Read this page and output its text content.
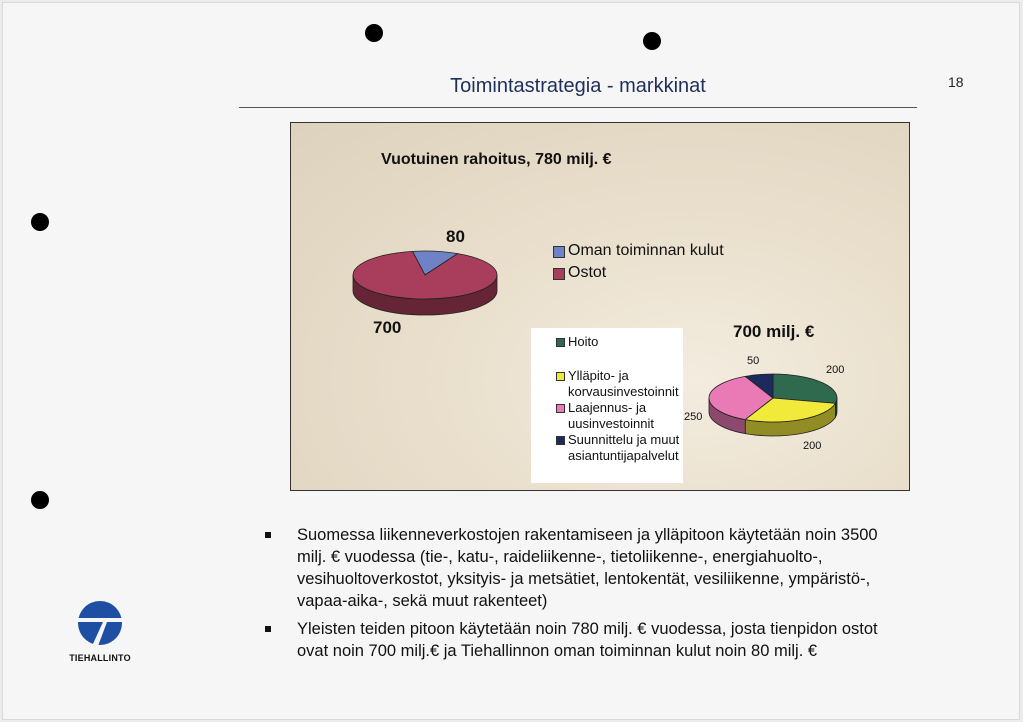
Toimintastrategia - markkinat	18
Vuotuinen rahoitus, 780 milj. €
80
700
Oman toiminnan kulut
Ostot
700 milj. €
50
200
250
200
Hoito
Ylläpito- ja korvausinvestoinnit
Laajennus- ja uusinvestoinnit
Suunnittelu ja muut asiantuntijapalvelut
Suomessa liikenneverkostojen rakentamiseen ja ylläpitoon käytetään noin 3500 milj. € vuodessa (tie-, katu-, raideliikenne-, tietoliikenne-, energiahuolto-, vesihuoltoverkostot, yksityis- ja metsätiet, lentokentät, vesiliikenne, ympäristö-, vapaa-aika-, sekä muut rakenteet)
Yleisten teiden pitoon käytetään noin 780 milj. € vuodessa, josta tienpidon ostot ovat noin 700 milj.€ ja Tiehallinnon oman toiminnan kulut noin 80 milj. €
TIEHALLINTO
